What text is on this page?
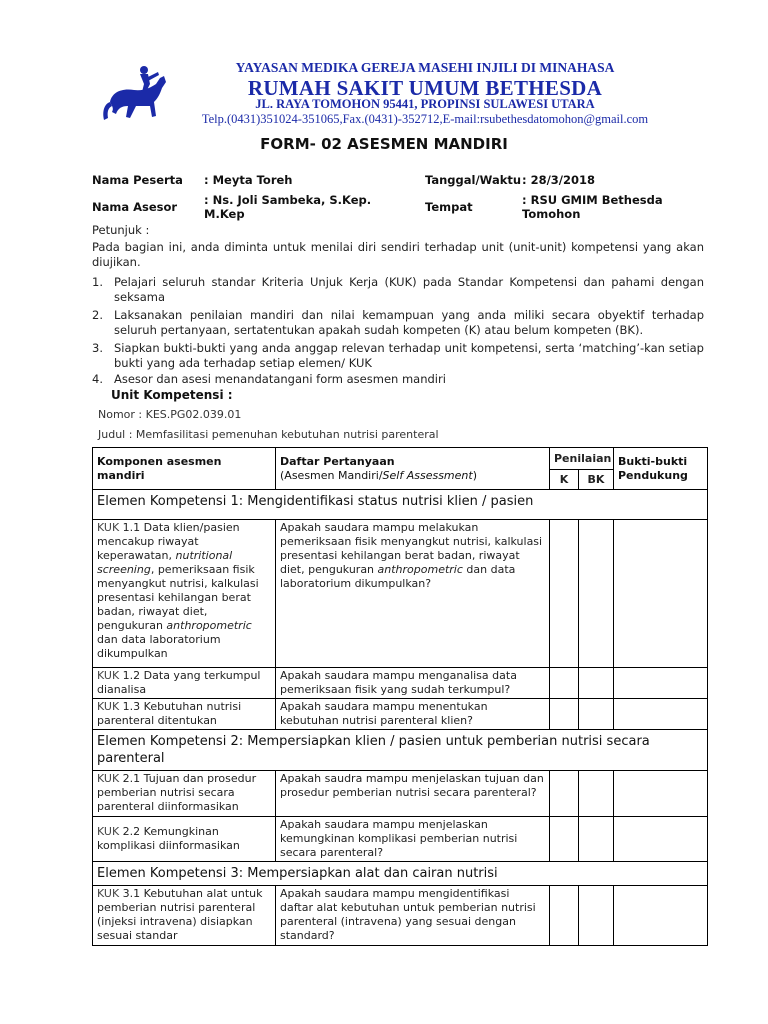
YAYASAN MEDIKA GEREJA MASEHI INJILI DI MINAHASA
RUMAH SAKIT UMUM BETHESDA
JL. RAYA TOMOHON 95441, PROPINSI SULAWESI UTARA
Telp.(0431)351024-351065,Fax.(0431)-352712,E-mail:rsubethesdatomohon@gmail.com
FORM- 02 ASESMEN MANDIRI
Nama Peserta : Meyta Toreh	Tanggal/Waktu : 28/3/2018
Nama Asesor : Ns. Joli Sambeka, S.Kep.
M.Kep	Tempat	: RSU GMIM Bethesda
Tomohon
Petunjuk :
Pada bagian ini, anda diminta untuk menilai diri sendiri terhadap unit (unit-unit) kompetensi yang akan diujikan.
1. Pelajari seluruh standar Kriteria Unjuk Kerja (KUK) pada Standar Kompetensi dan pahami dengan seksama
2. Laksanakan penilaian mandiri dan nilai kemampuan yang anda miliki secara obyektif terhadap seluruh pertanyaan, sertatentukan apakah sudah kompeten (K) atau belum kompeten (BK).
3. Siapkan bukti-bukti yang anda anggap relevan terhadap unit kompetensi, serta ‘matching’-kan setiap bukti yang ada terhadap setiap elemen/ KUK
4. Asesor dan asesi menandatangani form asesmen mandiri
Unit Kompetensi :
Nomor : KES.PG02.039.01
Judul : Memfasilitasi pemenuhan kebutuhan nutrisi parenteral
Komponen asesmen mandiri	Daftar Pertanyaan
(Asesmen Mandiri/Self Assessment)	Penilaian		Bukti-bukti Pendukung
		K	BK	
Elemen Kompetensi 1: Mengidentifikasi status nutrisi klien / pasien				
KUK 1.1 Data klien/pasien mencakup riwayat keperawatan, nutritional screening, pemeriksaan fisik menyangkut nutrisi, kalkulasi presentasi kehilangan berat badan, riwayat diet, pengukuran anthropometric dan data laboratorium dikumpulkan	Apakah saudara mampu melakukan pemeriksaan fisik menyangkut nutrisi, kalkulasi presentasi kehilangan berat badan, riwayat diet, pengukuran anthropometric dan data laboratorium dikumpulkan?			
KUK 1.2 Data yang terkumpul dianalisa	Apakah saudara mampu menganalisa data pemeriksaan fisik yang sudah terkumpul?			
KUK 1.3 Kebutuhan nutrisi parenteral ditentukan	Apakah saudara mampu menentukan kebutuhan nutrisi parenteral klien?			
Elemen Kompetensi 2: Mempersiapkan klien / pasien untuk pemberian nutrisi secara parenteral				
KUK 2.1 Tujuan dan prosedur pemberian nutrisi secara parenteral diinformasikan	Apakah saudra mampu menjelaskan tujuan dan prosedur pemberian nutrisi secara parenteral?			
KUK 2.2 Kemungkinan komplikasi diinformasikan	Apakah saudara mampu menjelaskan kemungkinan komplikasi pemberian nutrisi secara parenteral?			
Elemen Kompetensi 3: Mempersiapkan alat dan cairan nutrisi				
KUK 3.1 Kebutuhan alat untuk pemberian nutrisi parenteral (injeksi intravena) disiapkan sesuai standar	Apakah saudara mampu mengidentifikasi daftar alat kebutuhan untuk pemberian nutrisi parenteral (intravena) yang sesuai dengan standard?			
